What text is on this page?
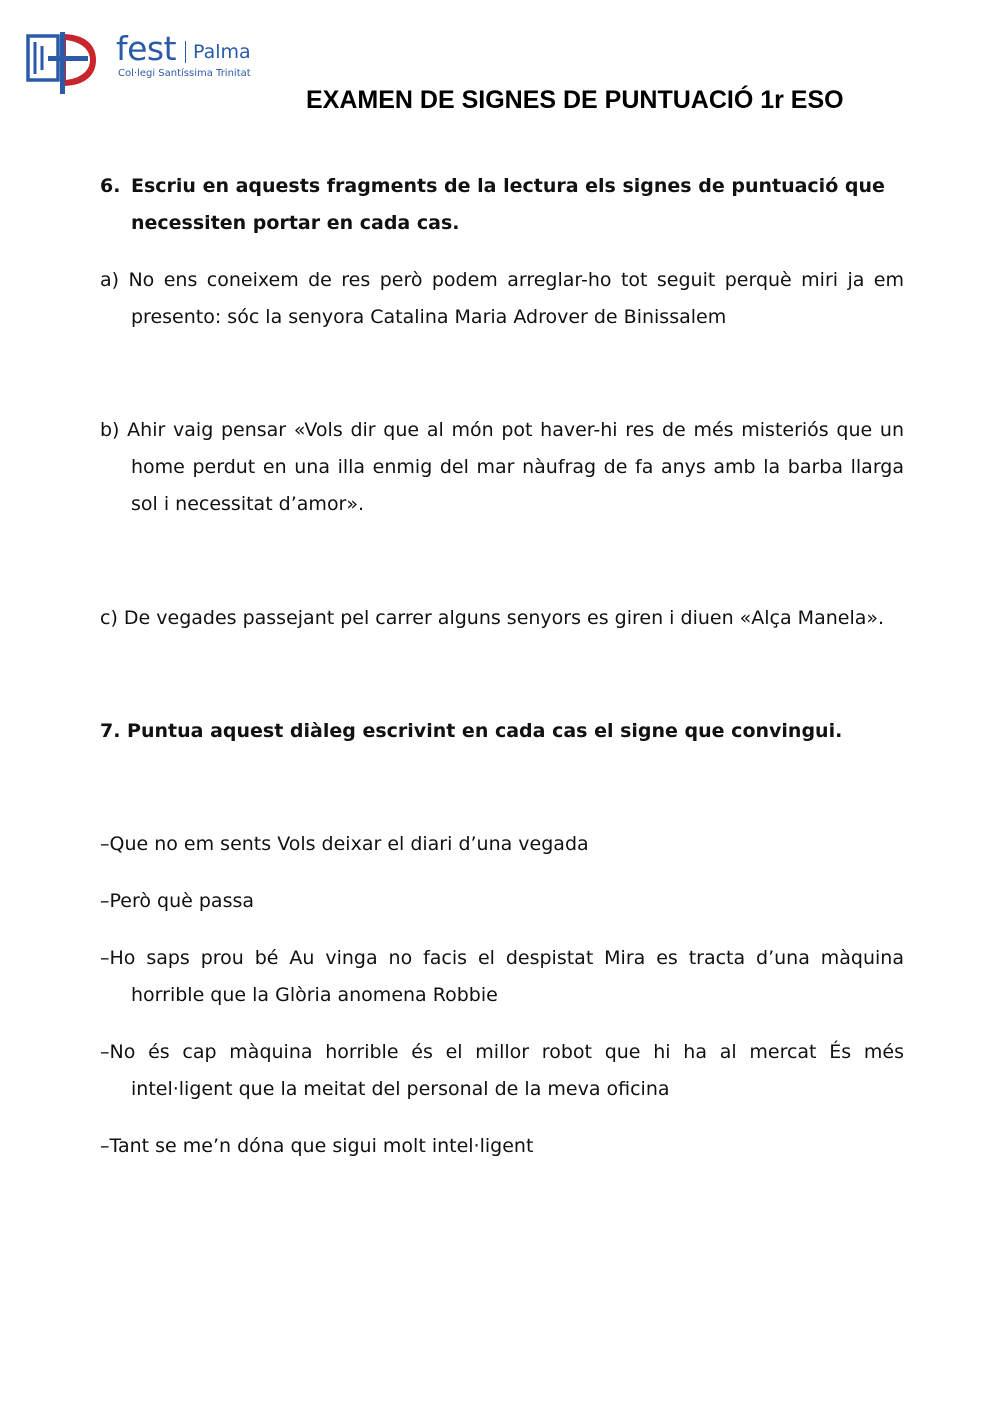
fest Palma
Col·legi Santíssima Trinitat
EXAMEN DE SIGNES DE PUNTUACIÓ 1r ESO

6. Escriu en aquests fragments de la lectura els signes de puntuació que necessiten portar en cada cas.

a) No ens coneixem de res però podem arreglar-ho tot seguit perquè miri ja em presento: sóc la senyora Catalina Maria Adrover de Binissalem

b) Ahir vaig pensar «Vols dir que al món pot haver-hi res de més misteriós que un home perdut en una illa enmig del mar nàufrag de fa anys amb la barba llarga sol i necessitat d’amor».

c) De vegades passejant pel carrer alguns senyors es giren i diuen «Alça Manela».

7. Puntua aquest diàleg escrivint en cada cas el signe que convingui.

–Que no em sents Vols deixar el diari d’una vegada

–Però què passa

–Ho saps prou bé Au vinga no facis el despistat Mira es tracta d’una màquina horrible que la Glòria anomena Robbie

–No és cap màquina horrible és el millor robot que hi ha al mercat És més intel·ligent que la meitat del personal de la meva oficina

–Tant se me’n dóna que sigui molt intel·ligent
